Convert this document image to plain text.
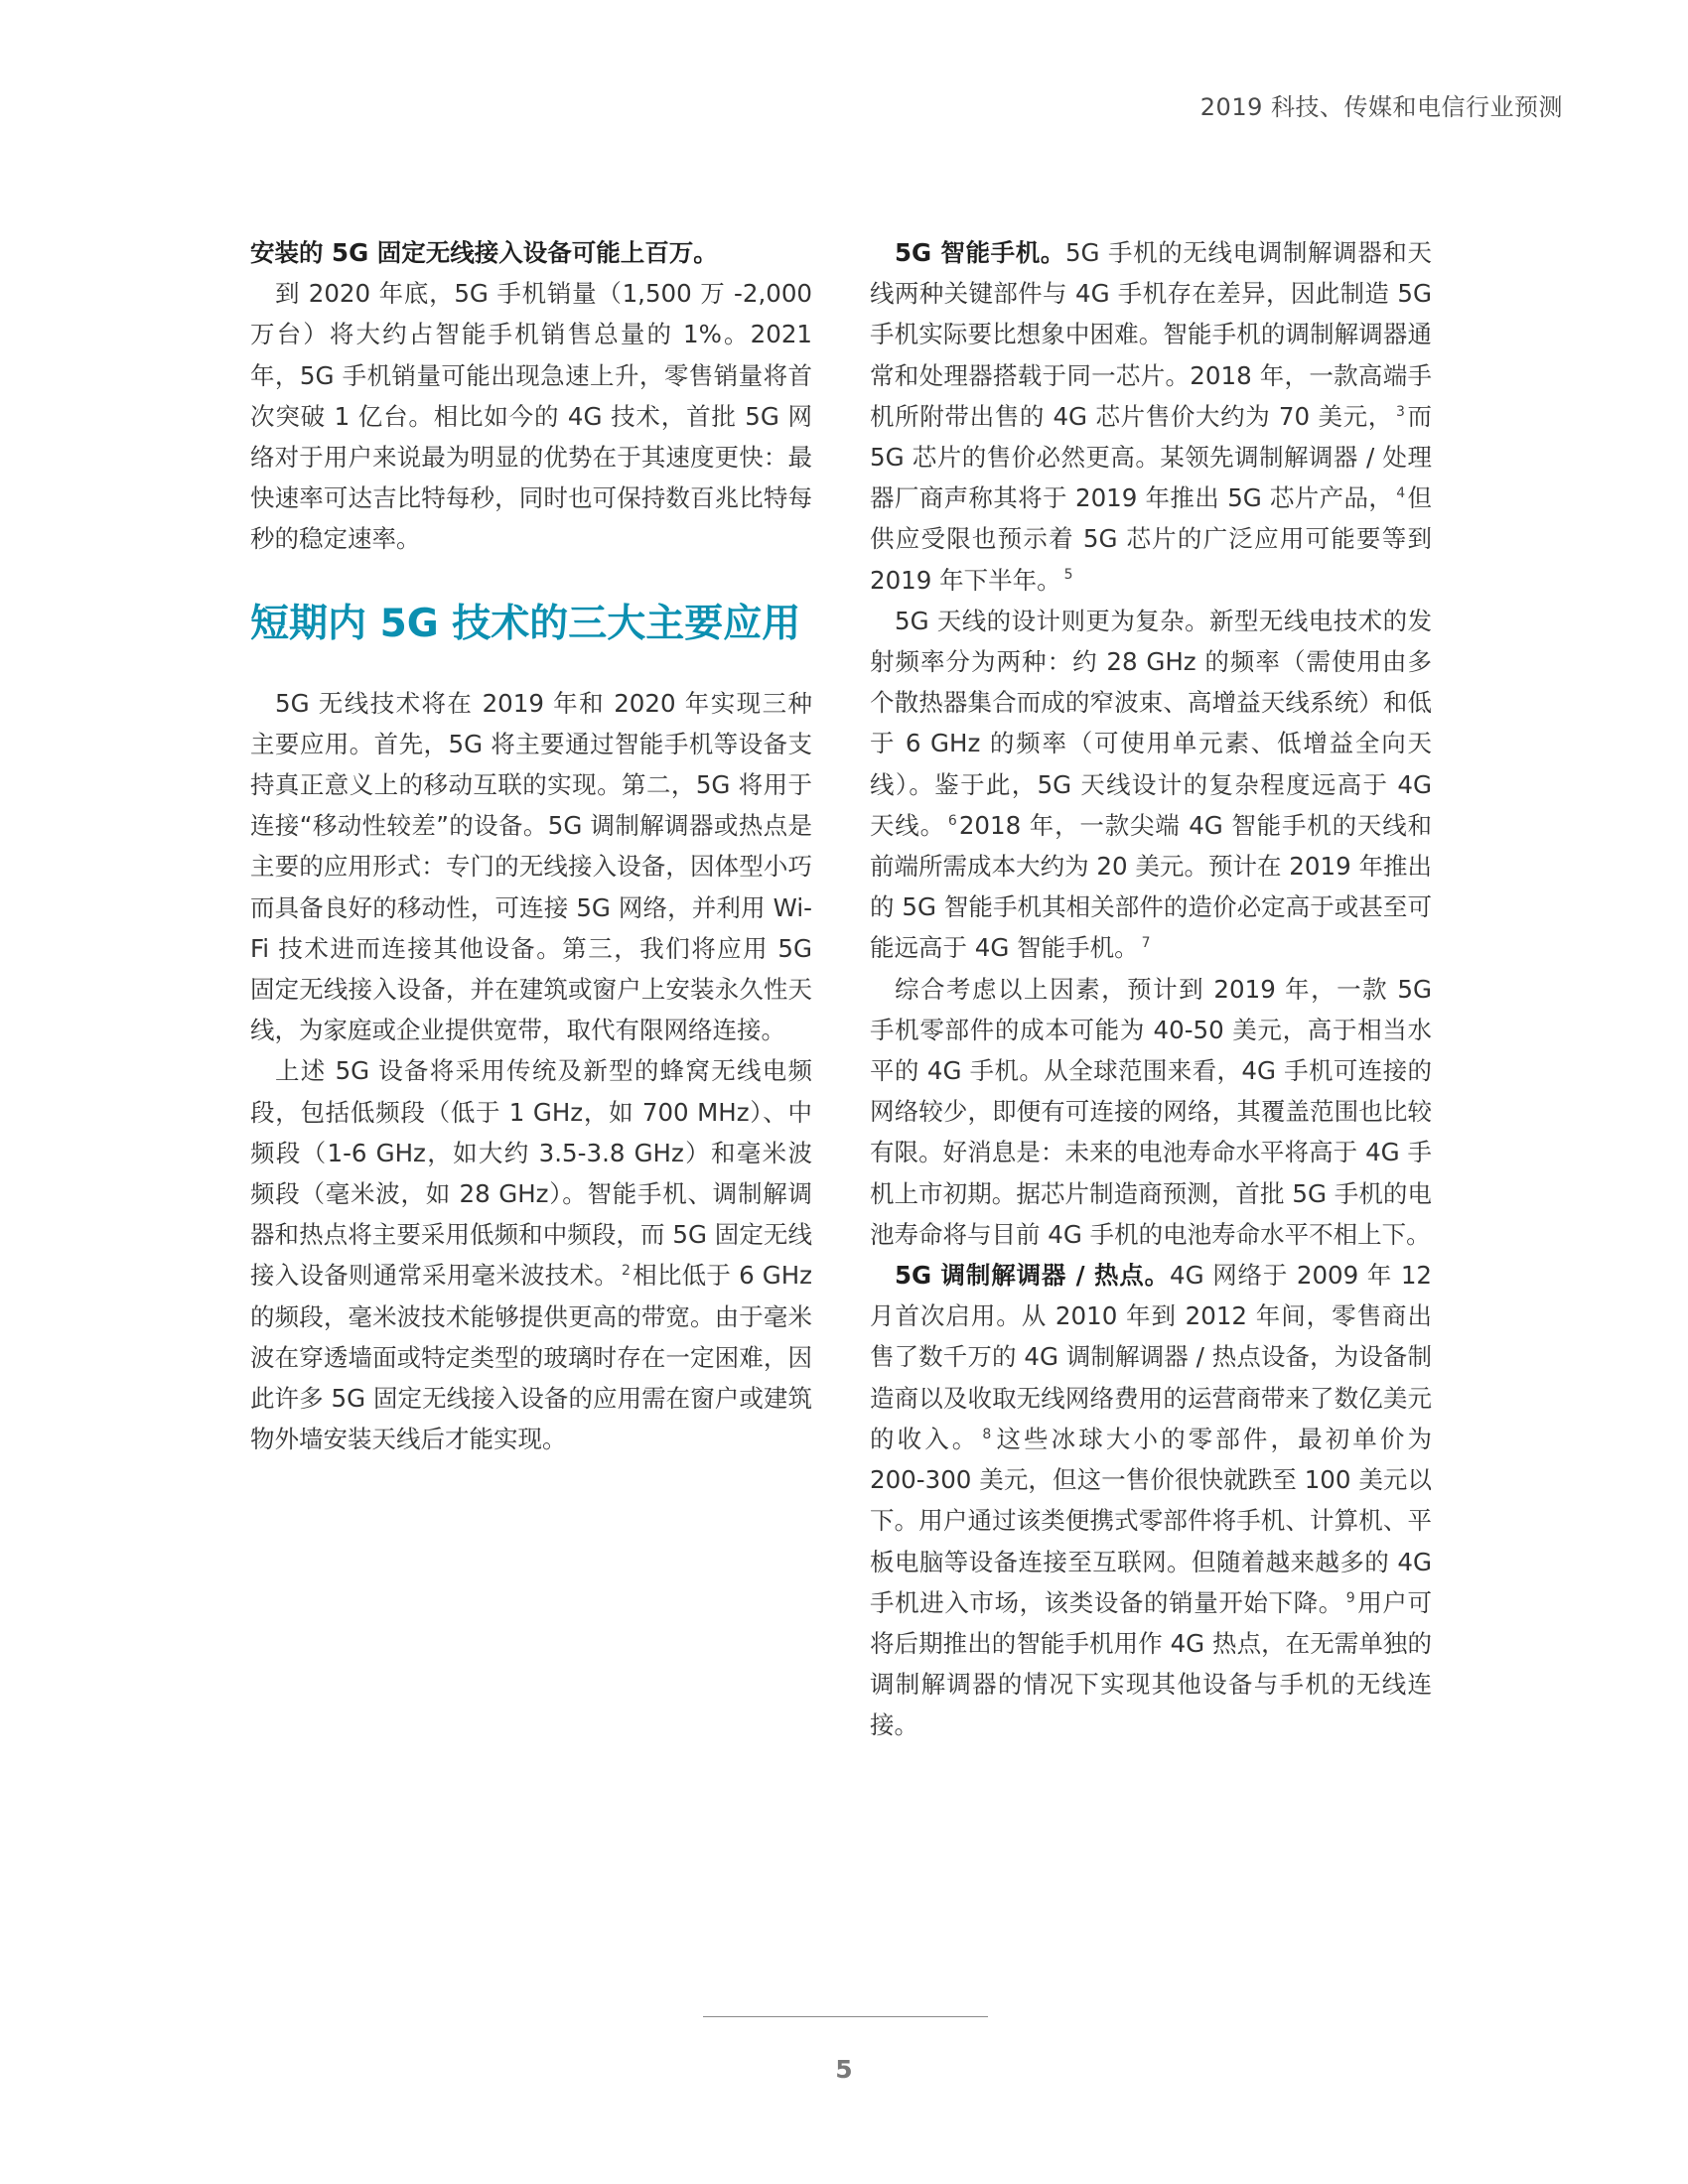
2019 科技、传媒和电信行业预测

安装的 5G 固定无线接入设备可能上百万。

到 2020 年底，5G 手机销量（1,500 万 -2,000 万台）将大约占智能手机销售总量的 1%。2021 年，5G 手机销量可能出现急速上升，零售销量将首次突破 1 亿台。相比如今的 4G 技术，首批 5G 网络对于用户来说最为明显的优势在于其速度更快：最快速率可达吉比特每秒，同时也可保持数百兆比特每秒的稳定速率。

短期内 5G 技术的三大主要应用

5G 无线技术将在 2019 年和 2020 年实现三种主要应用。首先，5G 将主要通过智能手机等设备支持真正意义上的移动互联的实现。第二，5G 将用于连接“移动性较差”的设备。5G 调制解调器或热点是主要的应用形式：专门的无线接入设备，因体型小巧而具备良好的移动性，可连接 5G 网络，并利用 Wi-Fi 技术进而连接其他设备。第三，我们将应用 5G 固定无线接入设备，并在建筑或窗户上安装永久性天线，为家庭或企业提供宽带，取代有限网络连接。

上述 5G 设备将采用传统及新型的蜂窝无线电频段，包括低频段（低于 1 GHz，如 700 MHz）、中频段（1-6 GHz，如大约 3.5-3.8 GHz）和毫米波频段（毫米波，如 28 GHz）。智能手机、调制解调器和热点将主要采用低频和中频段，而 5G 固定无线接入设备则通常采用毫米波技术。 $^2$相比低于 6 GHz 的频段，毫米波技术能够提供更高的带宽。由于毫米波在穿透墙面或特定类型的玻璃时存在一定困难，因此许多 5G 固定无线接入设备的应用需在窗户或建筑物外墙安装天线后才能实现。

5G 智能手机。5G 手机的无线电调制解调器和天线两种关键部件与 4G 手机存在差异，因此制造 5G 手机实际要比想象中困难。智能手机的调制解调器通常和处理器搭载于同一芯片。2018 年，一款高端手机所附带出售的 4G 芯片售价大约为 70 美元， $^3$而 5G 芯片的售价必然更高。某领先调制解调器 / 处理器厂商声称其将于 2019 年推出 5G 芯片产品， $^4$但供应受限也预示着 5G 芯片的广泛应用可能要等到 2019 年下半年。 $^5$

5G 天线的设计则更为复杂。新型无线电技术的发射频率分为两种：约 28 GHz 的频率（需使用由多个散热器集合而成的窄波束、高增益天线系统）和低于 6 GHz 的频率（可使用单元素、低增益全向天线）。鉴于此，5G 天线设计的复杂程度远高于 4G 天线。 $^6$2018 年，一款尖端 4G 智能手机的天线和前端所需成本大约为 20 美元。预计在 2019 年推出的 5G 智能手机其相关部件的造价必定高于或甚至可能远高于 4G 智能手机。 $^7$

综合考虑以上因素，预计到 2019 年，一款 5G 手机零部件的成本可能为 40-50 美元，高于相当水平的 4G 手机。从全球范围来看，4G 手机可连接的网络较少，即便有可连接的网络，其覆盖范围也比较有限。好消息是：未来的电池寿命水平将高于 4G 手机上市初期。据芯片制造商预测，首批 5G 手机的电池寿命将与目前 4G 手机的电池寿命水平不相上下。

5G 调制解调器 / 热点。4G 网络于 2009 年 12 月首次启用。从 2010 年到 2012 年间，零售商出售了数千万的 4G 调制解调器 / 热点设备，为设备制造商以及收取无线网络费用的运营商带来了数亿美元的收入。 $^8$这些冰球大小的零部件，最初单价为 200-300 美元，但这一售价很快就跌至 100 美元以下。用户通过该类便携式零部件将手机、计算机、平板电脑等设备连接至互联网。但随着越来越多的 4G 手机进入市场，该类设备的销量开始下降。 $^9$用户可将后期推出的智能手机用作 4G 热点，在无需单独的调制解调器的情况下实现其他设备与手机的无线连接。

5
